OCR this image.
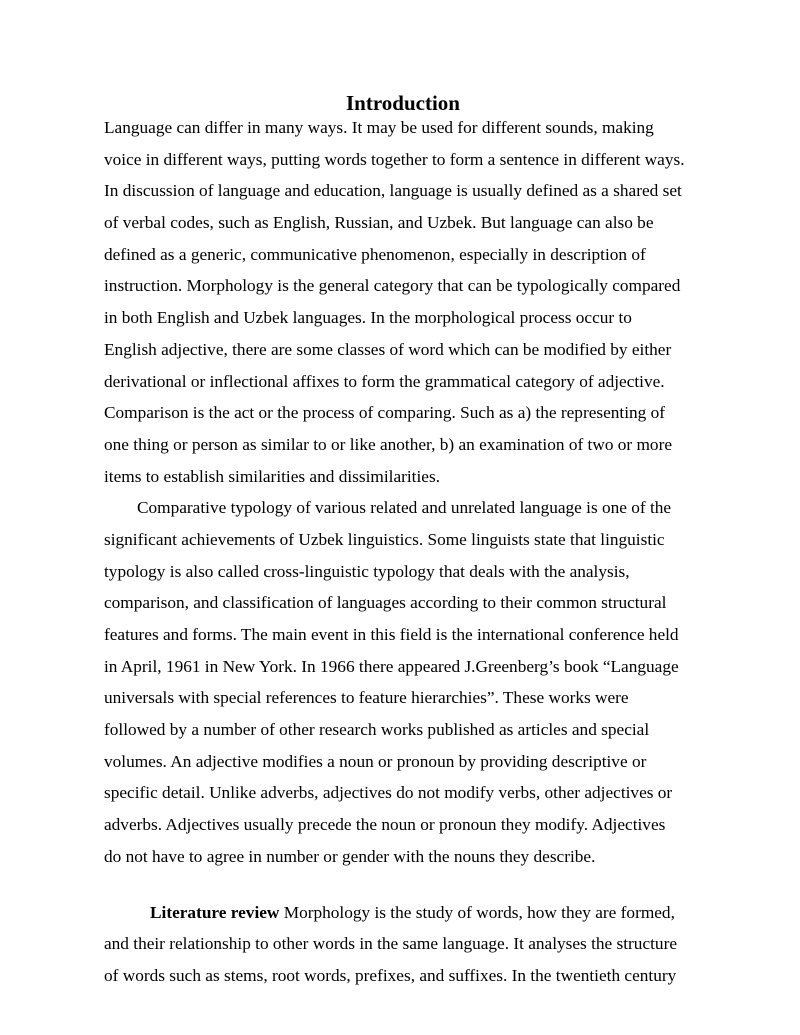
Introduction
Language can differ in many ways. It may be used for different sounds, making
voice in different ways, putting words together to form a sentence in different ways.
In discussion of language and education, language is usually defined as a shared set
of verbal codes, such as English, Russian, and Uzbek. But language can also be
defined as a generic, communicative phenomenon, especially in description of
instruction. Morphology is the general category that can be typologically compared
in both English and Uzbek languages. In the morphological process occur to
English adjective, there are some classes of word which can be modified by either
derivational or inflectional affixes to form the grammatical category of adjective.
Comparison is the act or the process of comparing. Such as a) the representing of
one thing or person as similar to or like another, b) an examination of two or more
items to establish similarities and dissimilarities.
Comparative typology of various related and unrelated language is one of the
significant achievements of Uzbek linguistics. Some linguists state that linguistic
typology is also called cross-linguistic typology that deals with the analysis,
comparison, and classification of languages according to their common structural
features and forms. The main event in this field is the international conference held
in April, 1961 in New York. In 1966 there appeared J.Greenberg’s book “Language
universals with special references to feature hierarchies”. These works were
followed by a number of other research works published as articles and special
volumes. An adjective modifies a noun or pronoun by providing descriptive or
specific detail. Unlike adverbs, adjectives do not modify verbs, other adjectives or
adverbs. Adjectives usually precede the noun or pronoun they modify. Adjectives
do not have to agree in number or gender with the nouns they describe.
Literature review Morphology is the study of words, how they are formed,
and their relationship to other words in the same language. It analyses the structure
of words such as stems, root words, prefixes, and suffixes. In the twentieth century
